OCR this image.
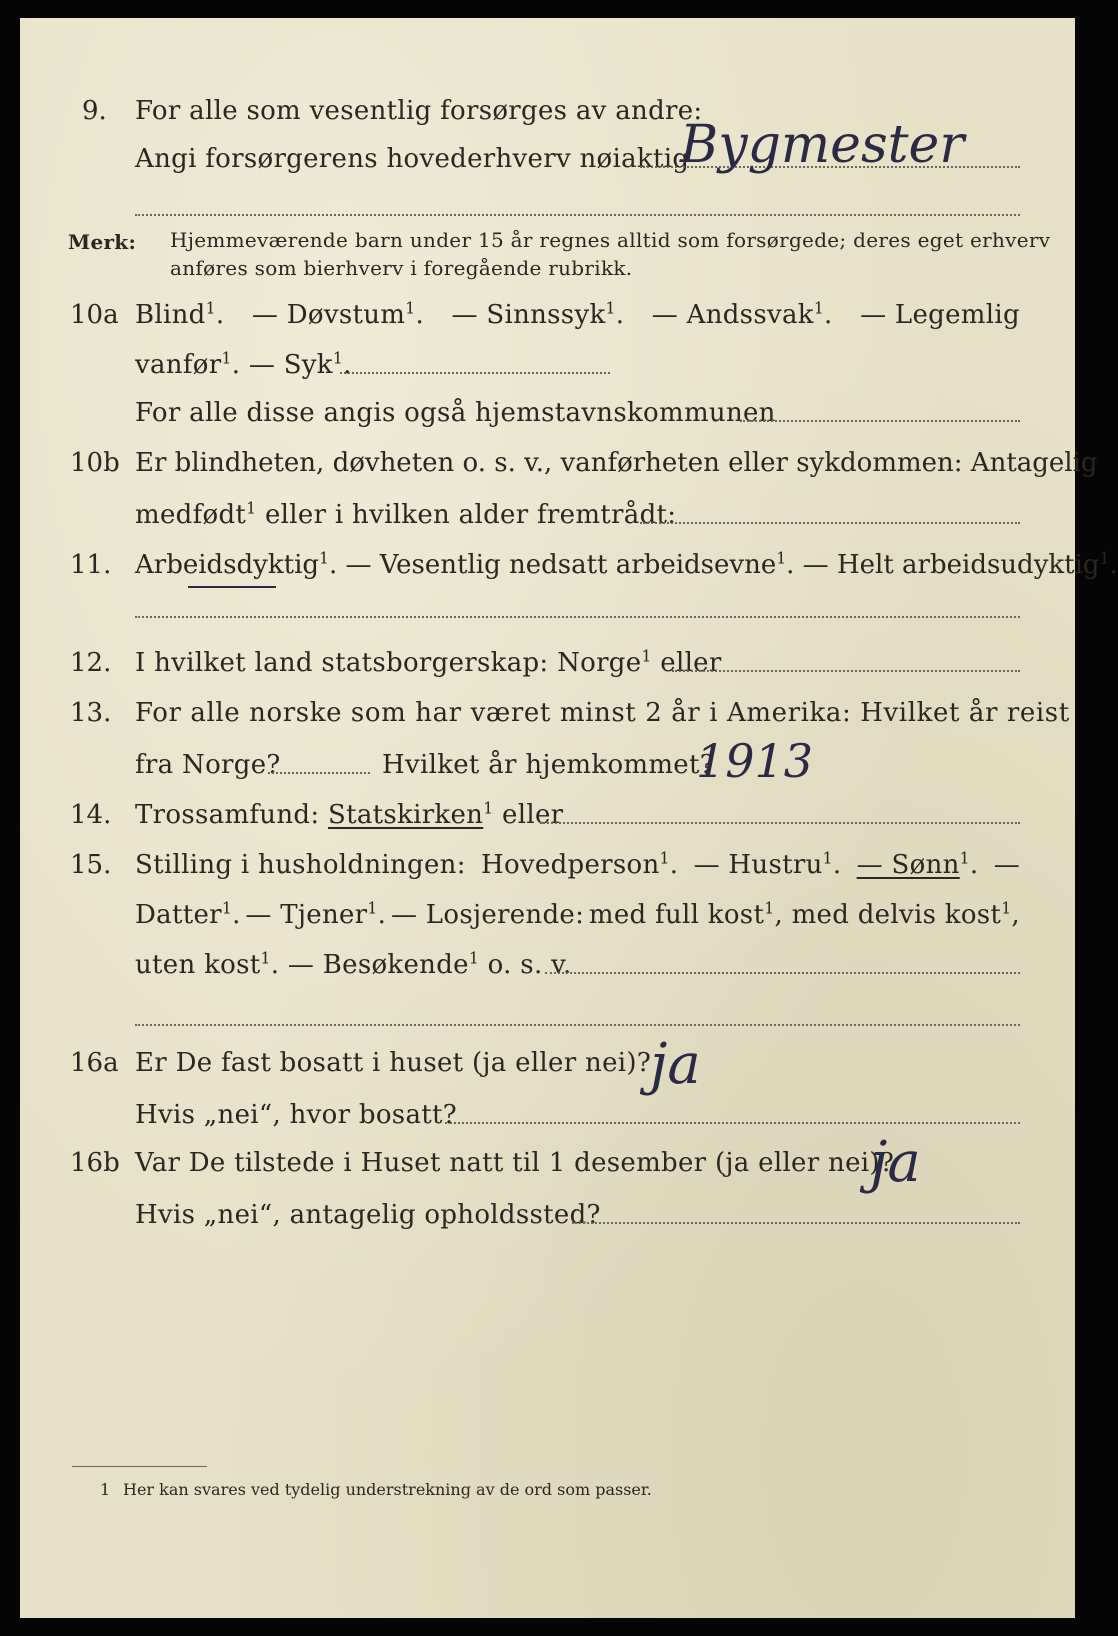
9. For alle som vesentlig forsørges av andre:
Angi forsørgerens hovederhverv nøiaktig
Bygmester
Merk: Hjemmeværende barn under 15 år regnes alltid som forsørgede; deres eget erhverv
anføres som bierhverv i foregående rubrikk.
10a Blind$^1$. — Døvstum$^1$. — Sinnssyk$^1$. — Andssvak$^1$. — Legemlig
vanfør$^1$. — Syk$^1$.
For alle disse angis også hjemstavnskommunen
10b Er blindheten, døvheten o. s. v., vanførheten eller sykdommen: Antagelig
medfødt$^1$ eller i hvilken alder fremtrådt:
11. Arbeidsdyktig$^1$. — Vesentlig nedsatt arbeidsevne$^1$. — Helt arbeidsudyktig$^1$.
12. I hvilket land statsborgerskap: Norge$^1$ eller
13. For alle norske som har været minst 2 år i Amerika: Hvilket år reist
fra Norge?	Hvilket år hjemkommet?
1913
14. Trossamfund: Statskirken$^1$ eller
15. Stilling i husholdningen: Hovedperson$^1$. — Hustru$^1$. — Sønn$^1$. —
Datter$^1$. — Tjener$^1$. — Losjerende: med full kost$^1$, med delvis kost$^1$,
uten kost$^1$. — Besøkende$^1$ o. s. v.
16a Er De fast bosatt i huset (ja eller nei)?
ja
Hvis „nei“, hvor bosatt?
16b Var De tilstede i Huset natt til 1 desember (ja eller nei)?
ja
Hvis „nei“, antagelig opholdssted?
1 Her kan svares ved tydelig understrekning av de ord som passer.
